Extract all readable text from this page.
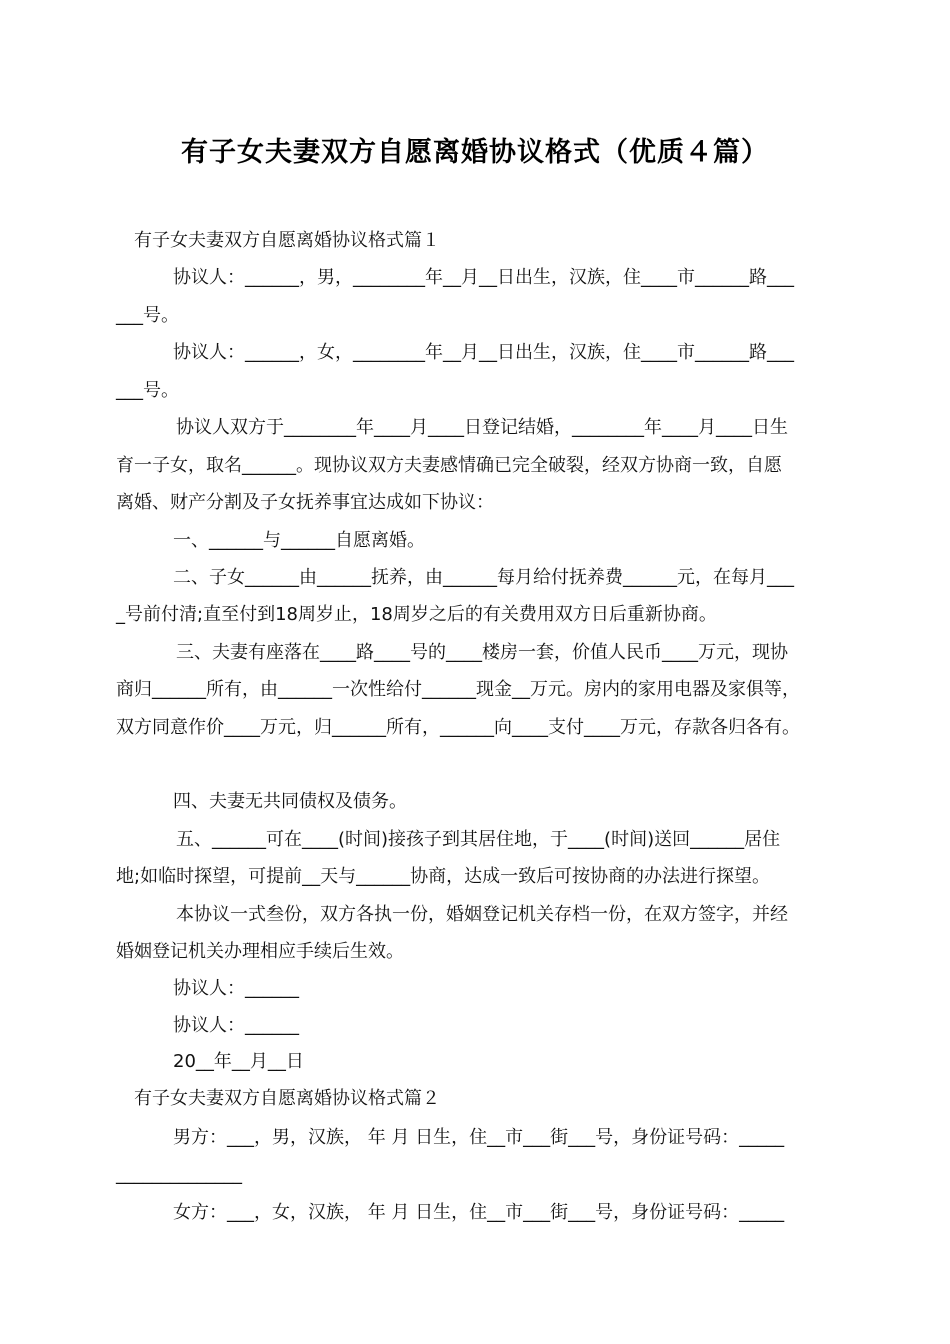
有子女夫妻双方自愿离婚协议格式（优质４篇）
有子女夫妻双方自愿离婚协议格式篇１
协议人：______，男，________年__月__日出生，汉族，住____市______路___
___号。
协议人：______，女，________年__月__日出生，汉族，住____市______路___
___号。
协议人双方于________年____月____日登记结婚，________年____月____日生
育一子女，取名______。现协议双方夫妻感情确已完全破裂，经双方协商一致，自愿
离婚、财产分割及子女抚养事宜达成如下协议：
一、______与______自愿离婚。
二、子女______由______抚养，由______每月给付抚养费______元，在每月___
_号前付清;直至付到18周岁止，18周岁之后的有关费用双方日后重新协商。
三、夫妻有座落在____路____号的____楼房一套，价值人民币____万元，现协
商归______所有，由______一次性给付______现金__万元。房内的家用电器及家俱等，
双方同意作价____万元，归______所有，______向____支付____万元，存款各归各有。
四、夫妻无共同债权及债务。
五、______可在____(时间)接孩子到其居住地，于____(时间)送回______居住
地;如临时探望，可提前__天与______协商，达成一致后可按协商的办法进行探望。
本协议一式叁份，双方各执一份，婚姻登记机关存档一份，在双方签字，并经
婚姻登记机关办理相应手续后生效。
协议人：______
协议人：______
20__年__月__日
有子女夫妻双方自愿离婚协议格式篇２
男方：___，男，汉族， 年 月 日生，住__市___街___号，身份证号码：_____
______________
女方：___，女，汉族， 年 月 日生，住__市___街___号，身份证号码：_____
